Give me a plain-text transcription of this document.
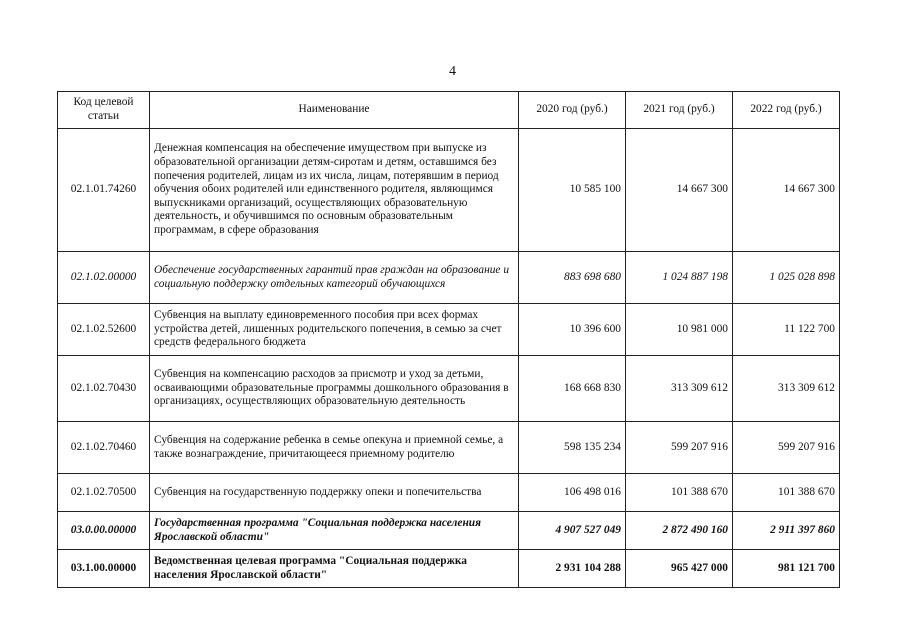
4
Код целевой статьи	Наименование	2020 год (руб.)	2021 год (руб.)	2022 год (руб.)
02.1.01.74260	Денежная компенсация на обеспечение имуществом при выпуске из образовательной организации детям-сиротам и детям, оставшимся без попечения родителей, лицам из их числа, лицам, потерявшим в период обучения обоих родителей или единственного родителя, являющимся выпускниками организаций, осуществляющих образовательную деятельность, и обучившимся по основным образовательным программам, в сфере образования	10 585 100	14 667 300	14 667 300
02.1.02.00000	Обеспечение государственных гарантий прав граждан на образование и социальную поддержку отдельных категорий обучающихся	883 698 680	1 024 887 198	1 025 028 898
02.1.02.52600	Субвенция на выплату единовременного пособия при всех формах устройства детей, лишенных родительского попечения, в семью за счет средств федерального бюджета	10 396 600	10 981 000	11 122 700
02.1.02.70430	Субвенция на компенсацию расходов за присмотр и уход за детьми, осваивающими образовательные программы дошкольного образования в организациях, осуществляющих образовательную деятельность	168 668 830	313 309 612	313 309 612
02.1.02.70460	Субвенция на содержание ребенка в семье опекуна и приемной семье, а также вознаграждение, причитающееся приемному родителю	598 135 234	599 207 916	599 207 916
02.1.02.70500	Субвенция на государственную поддержку опеки и попечительства	106 498 016	101 388 670	101 388 670
03.0.00.00000	Государственная программа "Социальная поддержка населения Ярославской области"	4 907 527 049	2 872 490 160	2 911 397 860
03.1.00.00000	Ведомственная целевая программа "Социальная поддержка населения Ярославской области"	2 931 104 288	965 427 000	981 121 700
